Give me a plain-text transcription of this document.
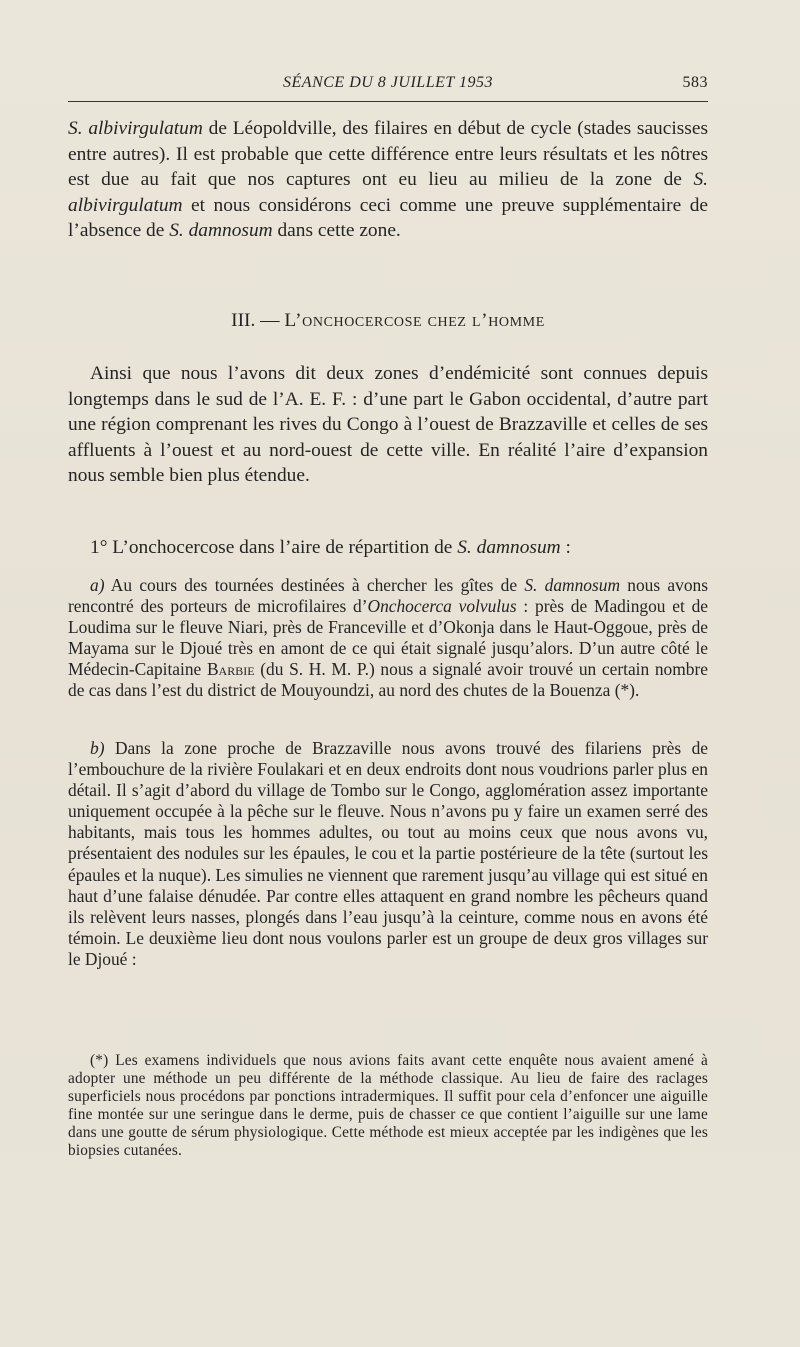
SÉANCE DU 8 JUILLET 1953	583
S. albivirgulatum de Léopoldville, des filaires en début de cycle (stades saucisses entre autres). Il est probable que cette différence entre leurs résultats et les nôtres est due au fait que nos captures ont eu lieu au milieu de la zone de S. albivirgulatum et nous considérons ceci comme une preuve supplémentaire de l’absence de S. damnosum dans cette zone.
III. — L’onchocercose chez l’homme
Ainsi que nous l’avons dit deux zones d’endémicité sont connues depuis longtemps dans le sud de l’A. E. F. : d’une part le Gabon occidental, d’autre part une région comprenant les rives du Congo à l’ouest de Brazzaville et celles de ses affluents à l’ouest et au nord-ouest de cette ville. En réalité l’aire d’expansion nous semble bien plus étendue.
1° L’onchocercose dans l’aire de répartition de S. damnosum :
a) Au cours des tournées destinées à chercher les gîtes de S. damnosum nous avons rencontré des porteurs de microfilaires d’Onchocerca volvulus : près de Madingou et de Loudima sur le fleuve Niari, près de Franceville et d’Okonja dans le Haut-Oggoue, près de Mayama sur le Djoué très en amont de ce qui était signalé jusqu’alors. D’un autre côté le Médecin-Capitaine Barbie (du S. H. M. P.) nous a signalé avoir trouvé un certain nombre de cas dans l’est du district de Mouyoundzi, au nord des chutes de la Bouenza (*).
b) Dans la zone proche de Brazzaville nous avons trouvé des filariens près de l’embouchure de la rivière Foulakari et en deux endroits dont nous voudrions parler plus en détail. Il s’agit d’abord du village de Tombo sur le Congo, agglomération assez importante uniquement occupée à la pêche sur le fleuve. Nous n’avons pu y faire un examen serré des habitants, mais tous les hommes adultes, ou tout au moins ceux que nous avons vu, présentaient des nodules sur les épaules, le cou et la partie postérieure de la tête (surtout les épaules et la nuque). Les simulies ne viennent que rarement jusqu’au village qui est situé en haut d’une falaise dénudée. Par contre elles attaquent en grand nombre les pêcheurs quand ils relèvent leurs nasses, plongés dans l’eau jusqu’à la ceinture, comme nous en avons été témoin. Le deuxième lieu dont nous voulons parler est un groupe de deux gros villages sur le Djoué :
(*) Les examens individuels que nous avions faits avant cette enquête nous avaient amené à adopter une méthode un peu différente de la méthode classique. Au lieu de faire des raclages superficiels nous procédons par ponctions intradermiques. Il suffit pour cela d’enfoncer une aiguille fine montée sur une seringue dans le derme, puis de chasser ce que contient l’aiguille sur une lame dans une goutte de sérum physiologique. Cette méthode est mieux acceptée par les indigènes que les biopsies cutanées.
